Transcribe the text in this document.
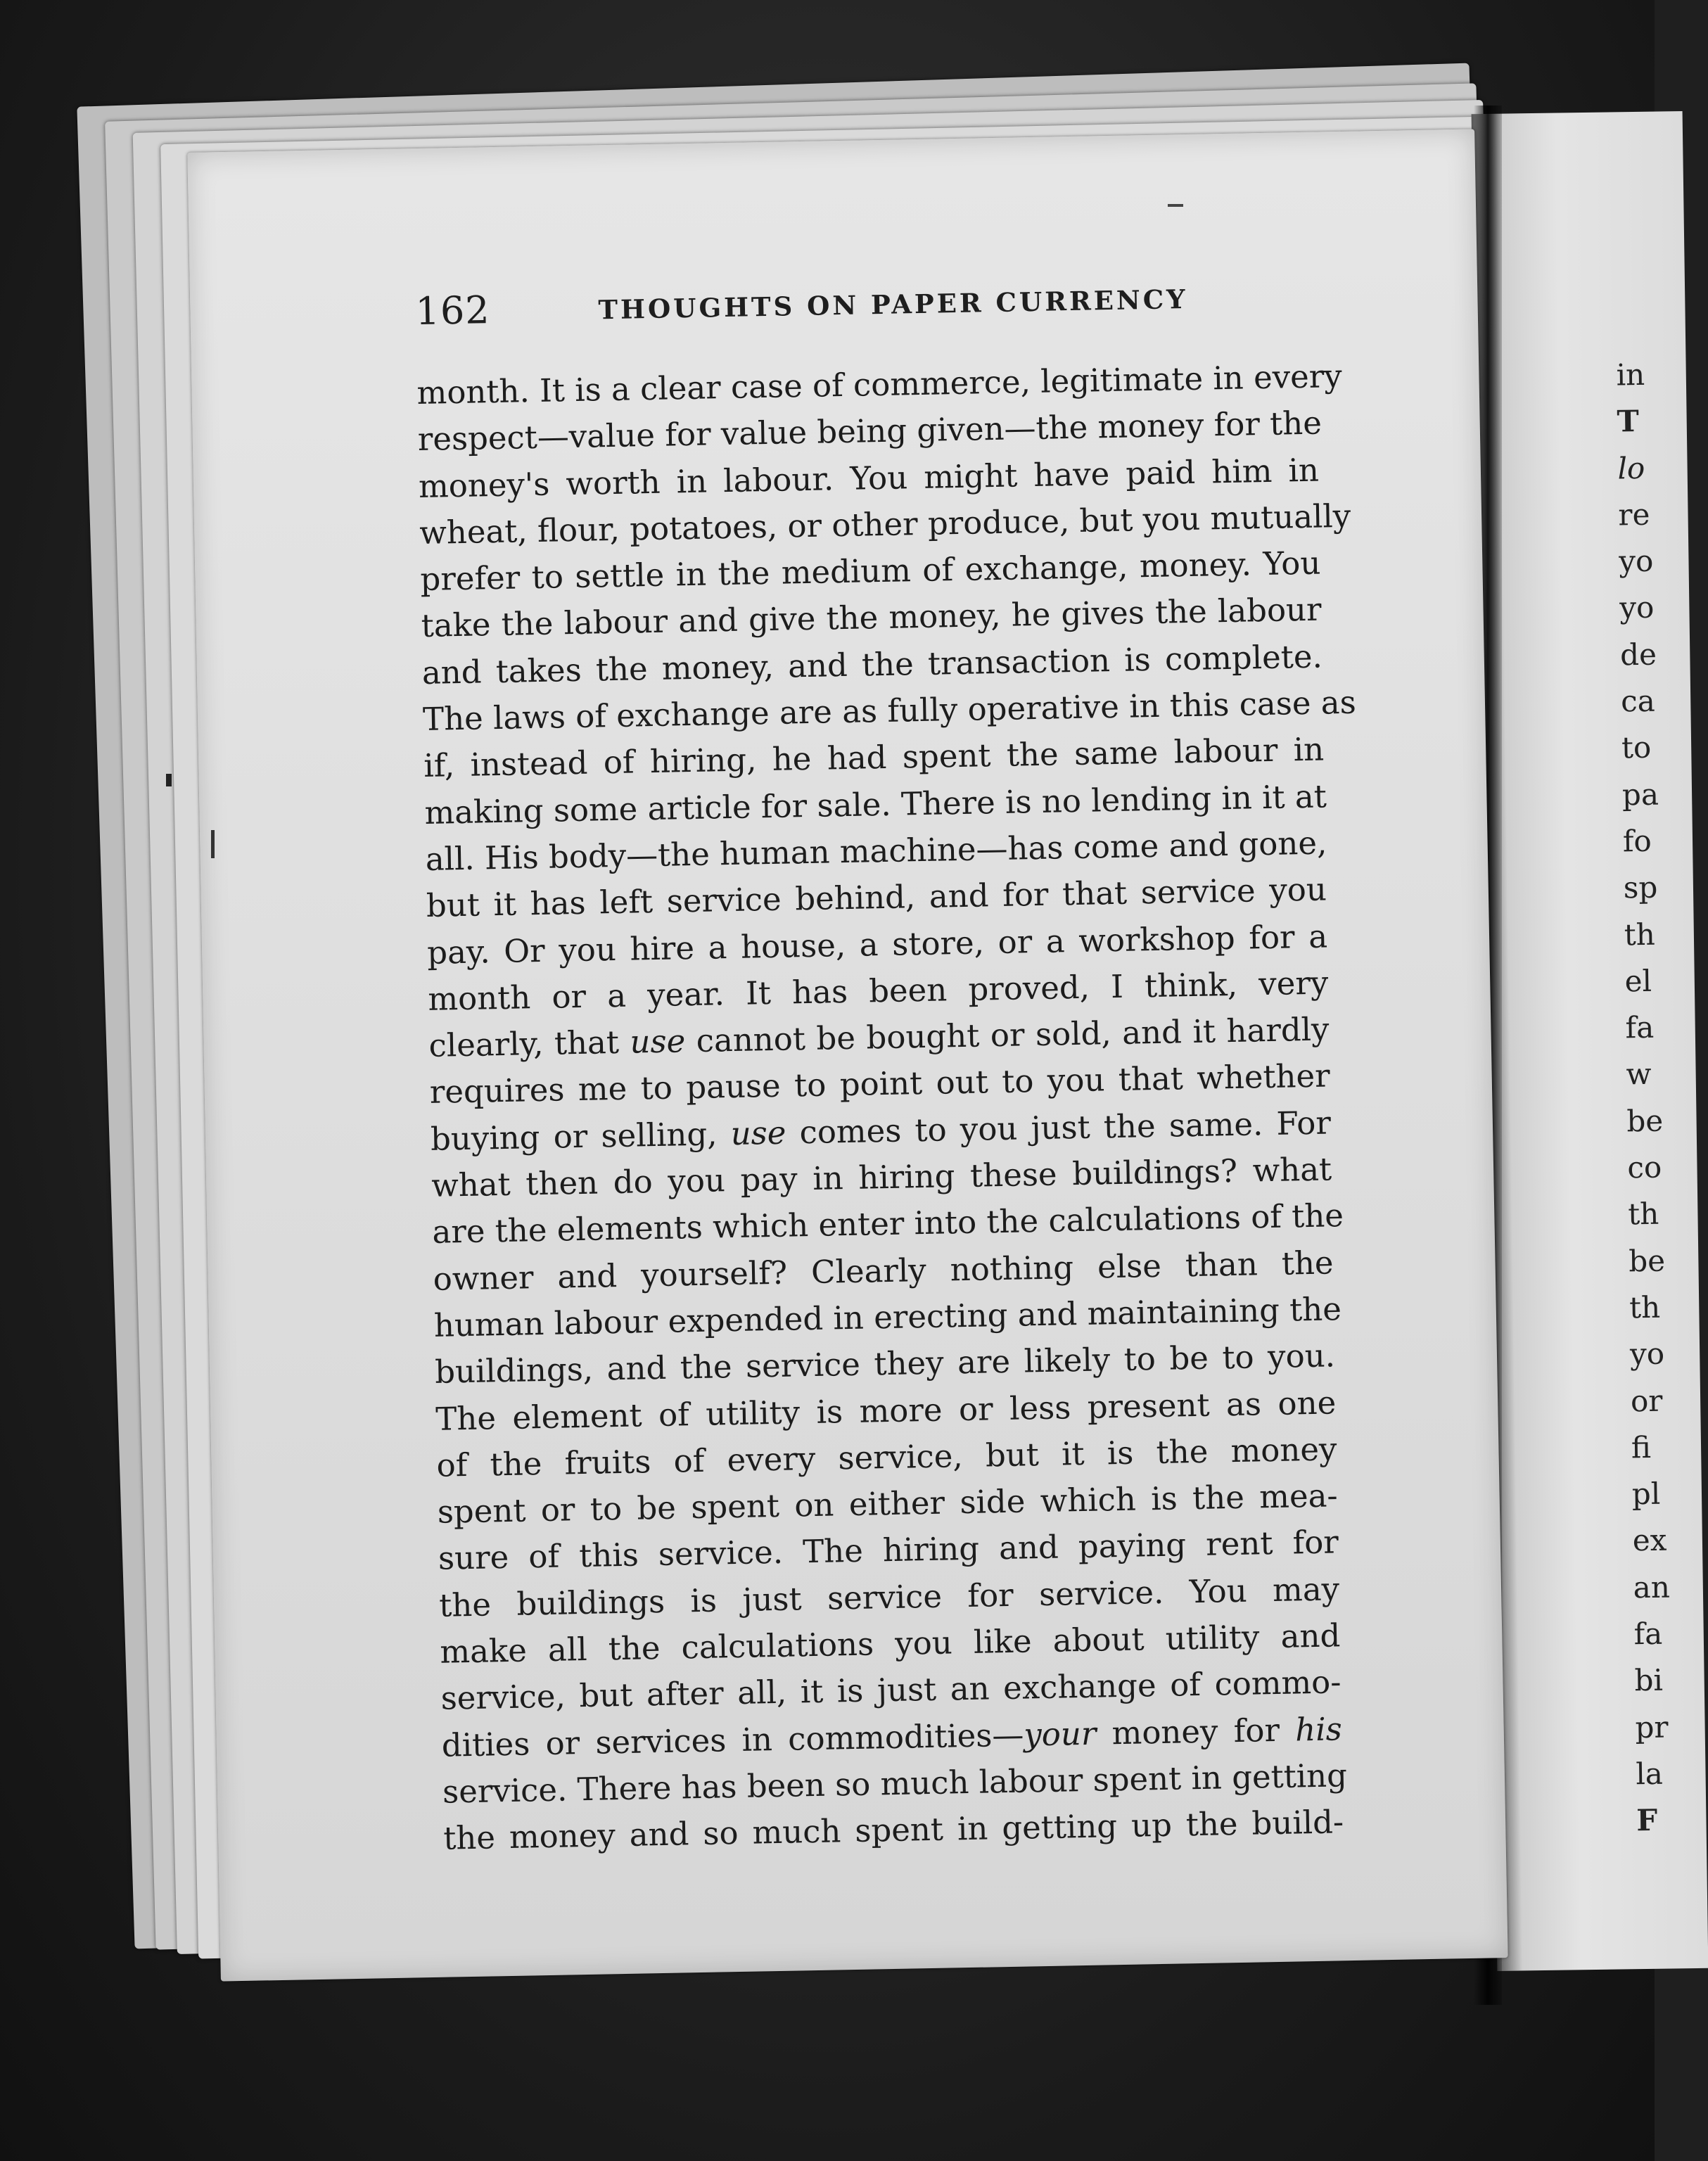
in
T
lo
re
yo
yo
de
ca
to
pa
fo
sp
th
el
fa
w
be
co
th
be
th
yo
or
fi
pl
ex
an
fa
bi
pr
la
F
162	THOUGHTS ON PAPER CURRENCY
month. It is a clear case of commerce, legitimate in every
respect—value for value being given—the money for the
money's worth in labour. You might have paid him in
wheat, flour, potatoes, or other produce, but you mutually
prefer to settle in the medium of exchange, money. You
take the labour and give the money, he gives the labour
and takes the money, and the transaction is complete.
The laws of exchange are as fully operative in this case as
if, instead of hiring, he had spent the same labour in
making some article for sale. There is no lending in it at
all. His body—the human machine—has come and gone,
but it has left service behind, and for that service you
pay. Or you hire a house, a store, or a workshop for a
month or a year. It has been proved, I think, very
clearly, that use cannot be bought or sold, and it hardly
requires me to pause to point out to you that whether
buying or selling, use comes to you just the same. For
what then do you pay in hiring these buildings? what
are the elements which enter into the calculations of the
owner and yourself? Clearly nothing else than the
human labour expended in erecting and maintaining the
buildings, and the service they are likely to be to you.
The element of utility is more or less present as one
of the fruits of every service, but it is the money
spent or to be spent on either side which is the mea-
sure of this service. The hiring and paying rent for
the buildings is just service for service. You may
make all the calculations you like about utility and
service, but after all, it is just an exchange of commo-
dities or services in commodities—your money for his
service. There has been so much labour spent in getting
the money and so much spent in getting up the build-
